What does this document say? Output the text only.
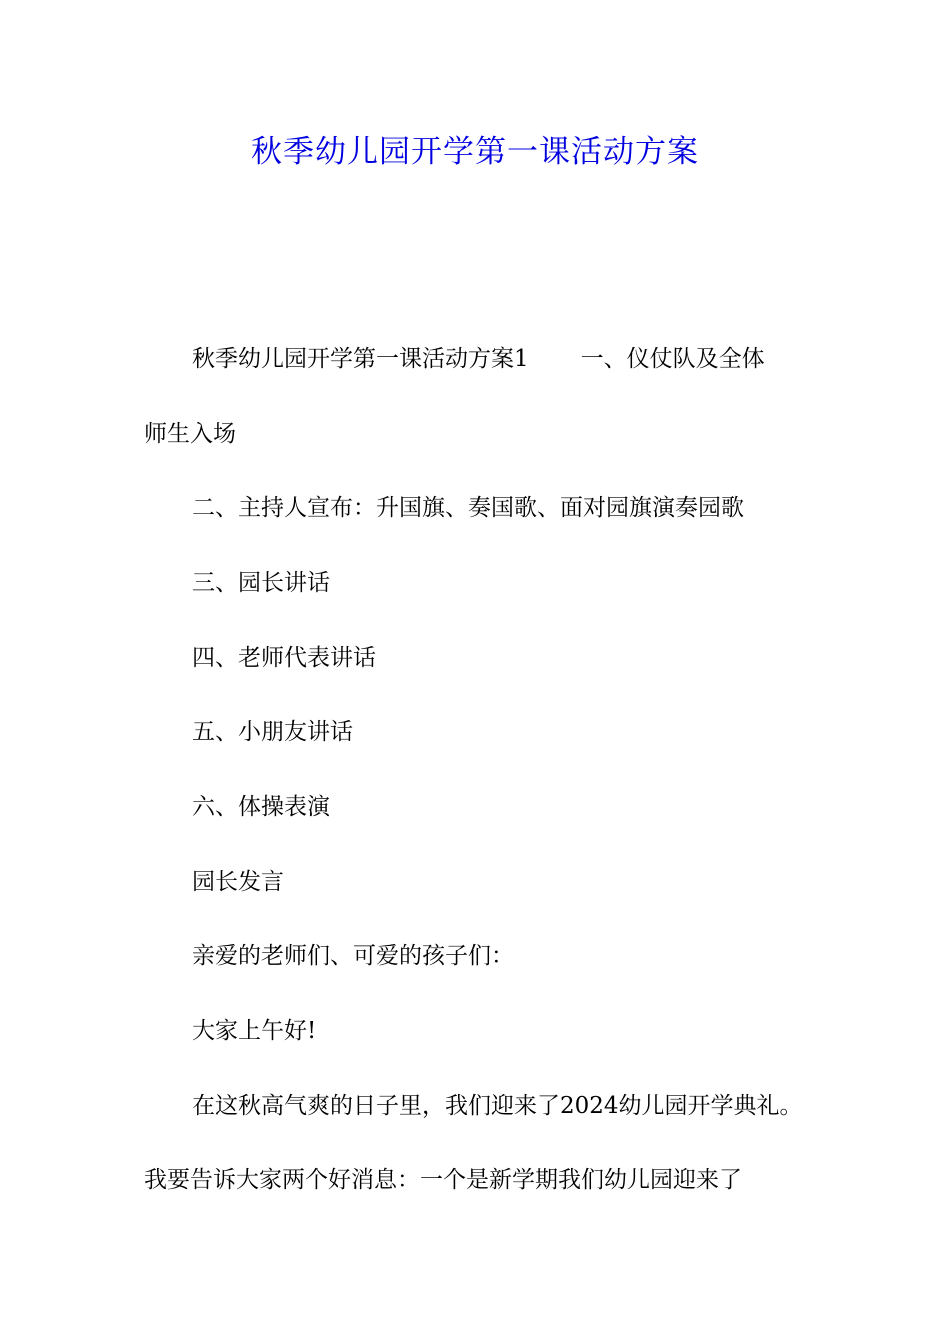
秋季幼儿园开学第一课活动方案

秋季幼儿园开学第一课活动方案1 一、仪仗队及全体

师生入场

二、主持人宣布：升国旗、奏国歌、面对园旗演奏园歌

三、园长讲话

四、老师代表讲话

五、小朋友讲话

六、体操表演

园长发言

亲爱的老师们、可爱的孩子们：

大家上午好!

在这秋高气爽的日子里，我们迎来了2024幼儿园开学典礼。

我要告诉大家两个好消息：一个是新学期我们幼儿园迎来了
